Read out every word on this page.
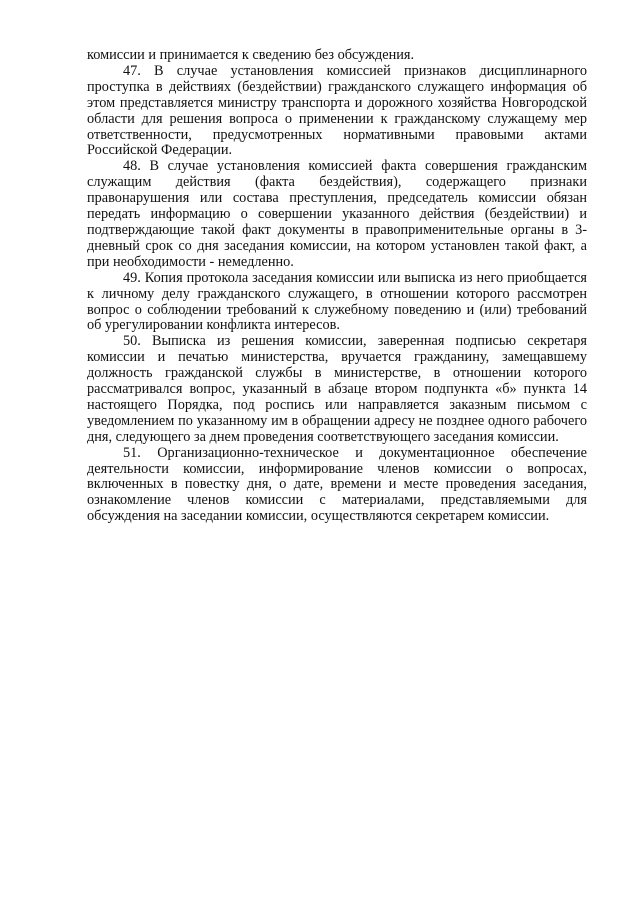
комиссии и принимается к сведению без обсуждения.

47. В случае установления комиссией признаков дисциплинарного проступка в действиях (бездействии) гражданского служащего информация об этом представляется министру транспорта и дорожного хозяйства Новгородской области для решения вопроса о применении к гражданскому служащему мер ответственности, предусмотренных нормативными правовыми актами Российской Федерации.

48. В случае установления комиссией факта совершения гражданским служащим действия (факта бездействия), содержащего признаки правонарушения или состава преступления, председатель комиссии обязан передать информацию о совершении указанного действия (бездействии) и подтверждающие такой факт документы в правоприменительные органы в 3-дневный срок со дня заседания комиссии, на котором установлен такой факт, а при необходимости - немедленно.

49. Копия протокола заседания комиссии или выписка из него приобщается к личному делу гражданского служащего, в отношении которого рассмотрен вопрос о соблюдении требований к служебному поведению и (или) требований об урегулировании конфликта интересов.

50. Выписка из решения комиссии, заверенная подписью секретаря комиссии и печатью министерства, вручается гражданину, замещавшему должность гражданской службы в министерстве, в отношении которого рассматривался вопрос, указанный в абзаце втором подпункта «б» пункта 14 настоящего Порядка, под роспись или направляется заказным письмом с уведомлением по указанному им в обращении адресу не позднее одного рабочего дня, следующего за днем проведения соответствующего заседания комиссии.

51. Организационно-техническое и документационное обеспечение деятельности комиссии, информирование членов комиссии о вопросах, включенных в повестку дня, о дате, времени и месте проведения заседания, ознакомление членов комиссии с материалами, представляемыми для обсуждения на заседании комиссии, осуществляются секретарем комиссии.
